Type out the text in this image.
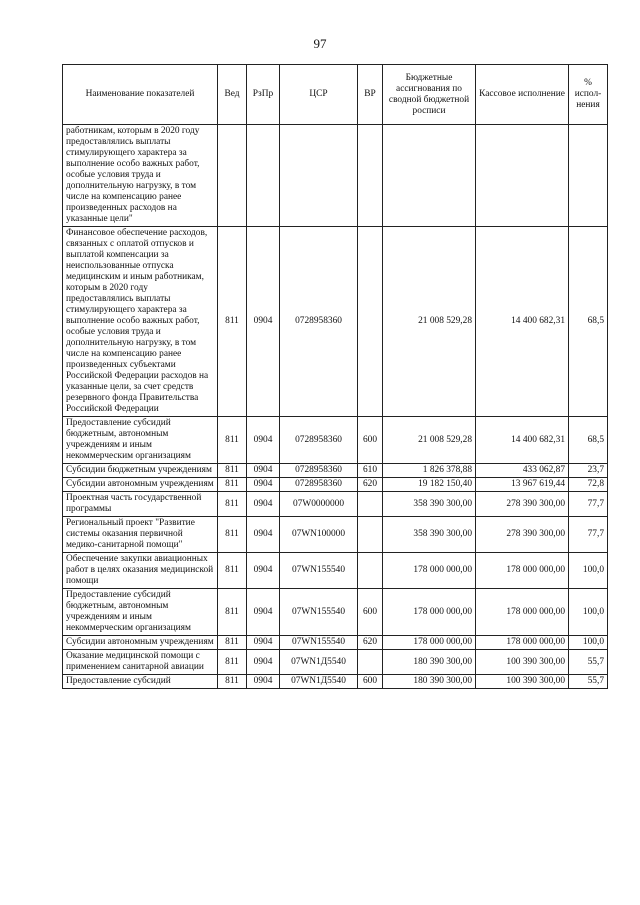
97
Наименование показателей	Вед	РзПр	ЦСР	ВР	Бюджетные ассигнования по сводной бюджетной росписи	Кассовое исполнение	% испол-нения
работникам, которым в 2020 году предоставлялись выплаты стимулирующего характера за выполнение особо важных работ, особые условия труда и дополнительную нагрузку, в том числе на компенсацию ранее произведенных расходов на указанные цели"							
Финансовое обеспечение расходов, связанных с оплатой отпусков и выплатой компенсации за неиспользованные отпуска медицинским и иным работникам, которым в 2020 году предоставлялись выплаты стимулирующего характера за выполнение особо важных работ, особые условия труда и дополнительную нагрузку, в том числе на компенсацию ранее произведенных субъектами Российской Федерации расходов на указанные цели, за счет средств резервного фонда Правительства Российской Федерации	811	0904	0728958360		21 008 529,28	14 400 682,31	68,5
Предоставление субсидий бюджетным, автономным учреждениям и иным некоммерческим организациям	811	0904	0728958360	600	21 008 529,28	14 400 682,31	68,5
Субсидии бюджетным учреждениям	811	0904	0728958360	610	1 826 378,88	433 062,87	23,7
Субсидии автономным учреждениям	811	0904	0728958360	620	19 182 150,40	13 967 619,44	72,8
Проектная часть государственной программы	811	0904	07W0000000		358 390 300,00	278 390 300,00	77,7
Региональный проект "Развитие системы оказания первичной медико-санитарной помощи"	811	0904	07WN100000		358 390 300,00	278 390 300,00	77,7
Обеспечение закупки авиационных работ в целях оказания медицинской помощи	811	0904	07WN155540		178 000 000,00	178 000 000,00	100,0
Предоставление субсидий бюджетным, автономным учреждениям и иным некоммерческим организациям	811	0904	07WN155540	600	178 000 000,00	178 000 000,00	100,0
Субсидии автономным учреждениям	811	0904	07WN155540	620	178 000 000,00	178 000 000,00	100,0
Оказание медицинской помощи с применением санитарной авиации	811	0904	07WN1Д5540		180 390 300,00	100 390 300,00	55,7
Предоставление субсидий	811	0904	07WN1Д5540	600	180 390 300,00	100 390 300,00	55,7
